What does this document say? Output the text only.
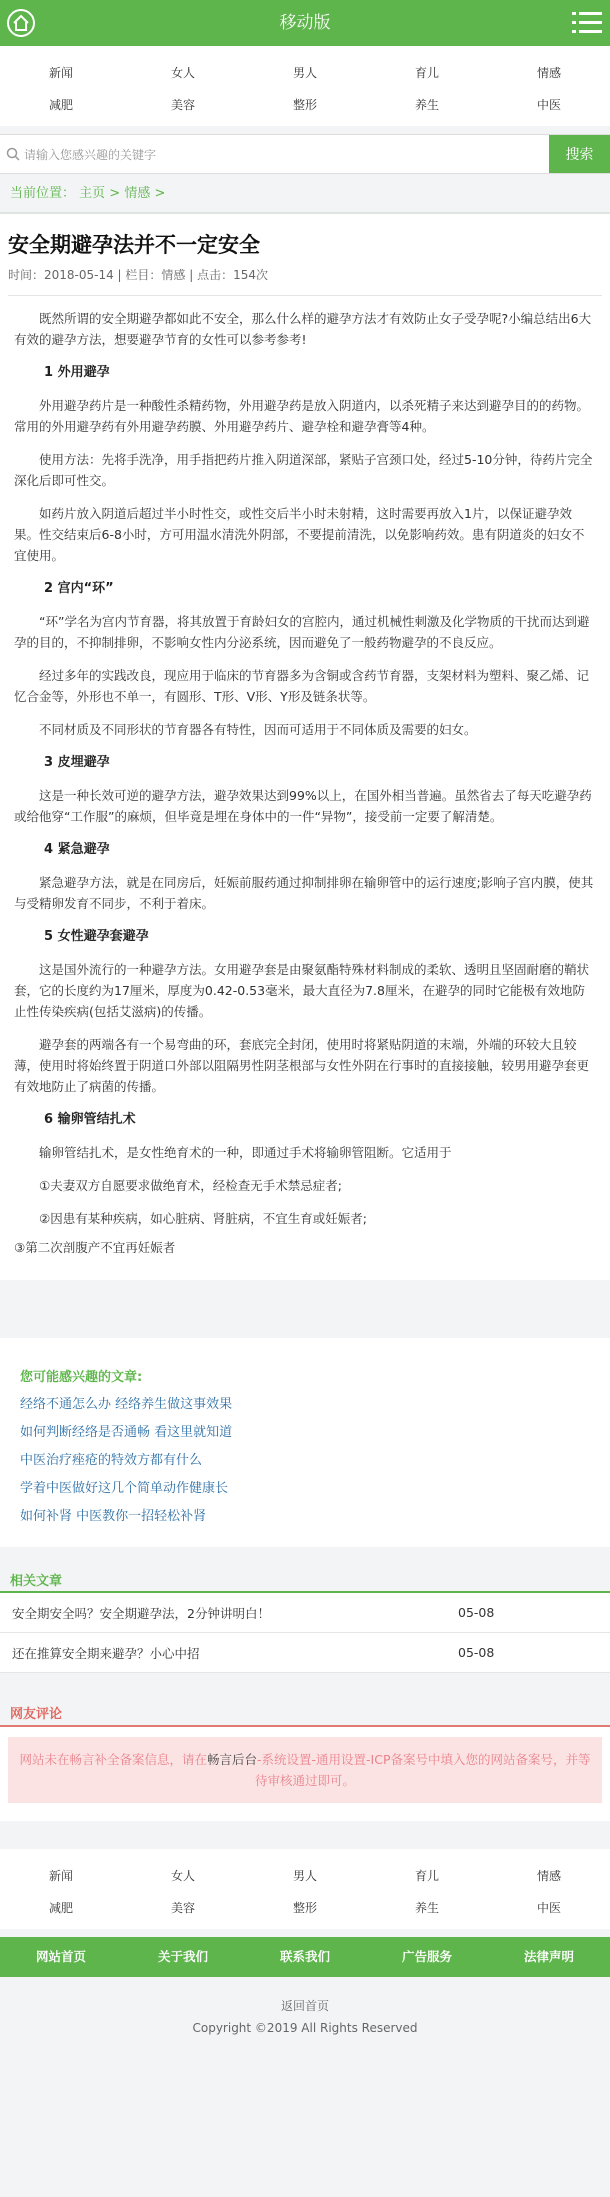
移动版
新闻	女人	男人	育儿	情感
减肥	美容	整形	养生	中医
请输入您感兴趣的关键字	搜索
当前位置： 主页 > 情感 >
安全期避孕法并不一定安全
时间：2018-05-14 | 栏目：情感 | 点击：154次

既然所谓的安全期避孕都如此不安全，那么什么样的避孕方法才有效防止女子受孕呢?小编总结出6大有效的避孕方法，想要避孕节育的女性可以参考参考!

1 外用避孕

外用避孕药片是一种酸性杀精药物，外用避孕药是放入阴道内，以杀死精子来达到避孕目的的药物。常用的外用避孕药有外用避孕药膜、外用避孕药片、避孕栓和避孕膏等4种。

使用方法：先将手洗净，用手指把药片推入阴道深部，紧贴子宫颈口处，经过5-10分钟，待药片完全深化后即可性交。

如药片放入阴道后超过半小时性交，或性交后半小时未射精，这时需要再放入1片，以保证避孕效果。性交结束后6-8小时，方可用温水清洗外阴部，不要提前清洗，以免影响药效。患有阴道炎的妇女不宜使用。

2 宫内“环”

“环”学名为宫内节育器，将其放置于育龄妇女的宫腔内，通过机械性刺激及化学物质的干扰而达到避孕的目的，不抑制排卵，不影响女性内分泌系统，因而避免了一般药物避孕的不良反应。

经过多年的实践改良，现应用于临床的节育器多为含铜或含药节育器，支架材料为塑料、聚乙烯、记忆合金等，外形也不单一，有圆形、T形、V形、Y形及链条状等。

不同材质及不同形状的节育器各有特性，因而可适用于不同体质及需要的妇女。

3 皮埋避孕

这是一种长效可逆的避孕方法，避孕效果达到99%以上，在国外相当普遍。虽然省去了每天吃避孕药或给他穿“工作服”的麻烦，但毕竟是埋在身体中的一件“异物”，接受前一定要了解清楚。

4 紧急避孕

紧急避孕方法，就是在同房后，妊娠前服药通过抑制排卵在输卵管中的运行速度;影响子宫内膜，使其与受精卵发育不同步，不利于着床。

5 女性避孕套避孕

这是国外流行的一种避孕方法。女用避孕套是由聚氨酯特殊材料制成的柔软、透明且坚固耐磨的鞘状套，它的长度约为17厘米，厚度为0.42-0.53毫米，最大直径为7.8厘米，在避孕的同时它能极有效地防止性传染疾病(包括艾滋病)的传播。

避孕套的两端各有一个易弯曲的环，套底完全封闭，使用时将紧贴阴道的末端，外端的环较大且较薄，使用时将始终置于阴道口外部以阻隔男性阴茎根部与女性外阴在行事时的直接接触，较男用避孕套更有效地防止了病菌的传播。

6 输卵管结扎术

输卵管结扎术，是女性绝育术的一种，即通过手术将输卵管阻断。它适用于

①夫妻双方自愿要求做绝育术，经检查无手术禁忌症者;

②因患有某种疾病，如心脏病、肾脏病，不宜生育或妊娠者;

③第二次剖腹产不宜再妊娠者

您可能感兴趣的文章:
经络不通怎么办 经络养生做这事效果
如何判断经络是否通畅 看这里就知道
中医治疗痤疮的特效方都有什么
学着中医做好这几个简单动作健康长
如何补肾 中医教你一招轻松补肾
相关文章
安全期安全吗？安全期避孕法，2分钟讲明白！	05-08
还在推算安全期来避孕？小心中招	05-08
网友评论
网站未在畅言补全备案信息，请在畅言后台-系统设置-通用设置-ICP备案号中填入您的网站备案号，并等待审核通过即可。
新闻	女人	男人	育儿	情感
减肥	美容	整形	养生	中医
网站首页	关于我们	联系我们	广告服务	法律声明
返回首页
Copyright ©2019 All Rights Reserved
